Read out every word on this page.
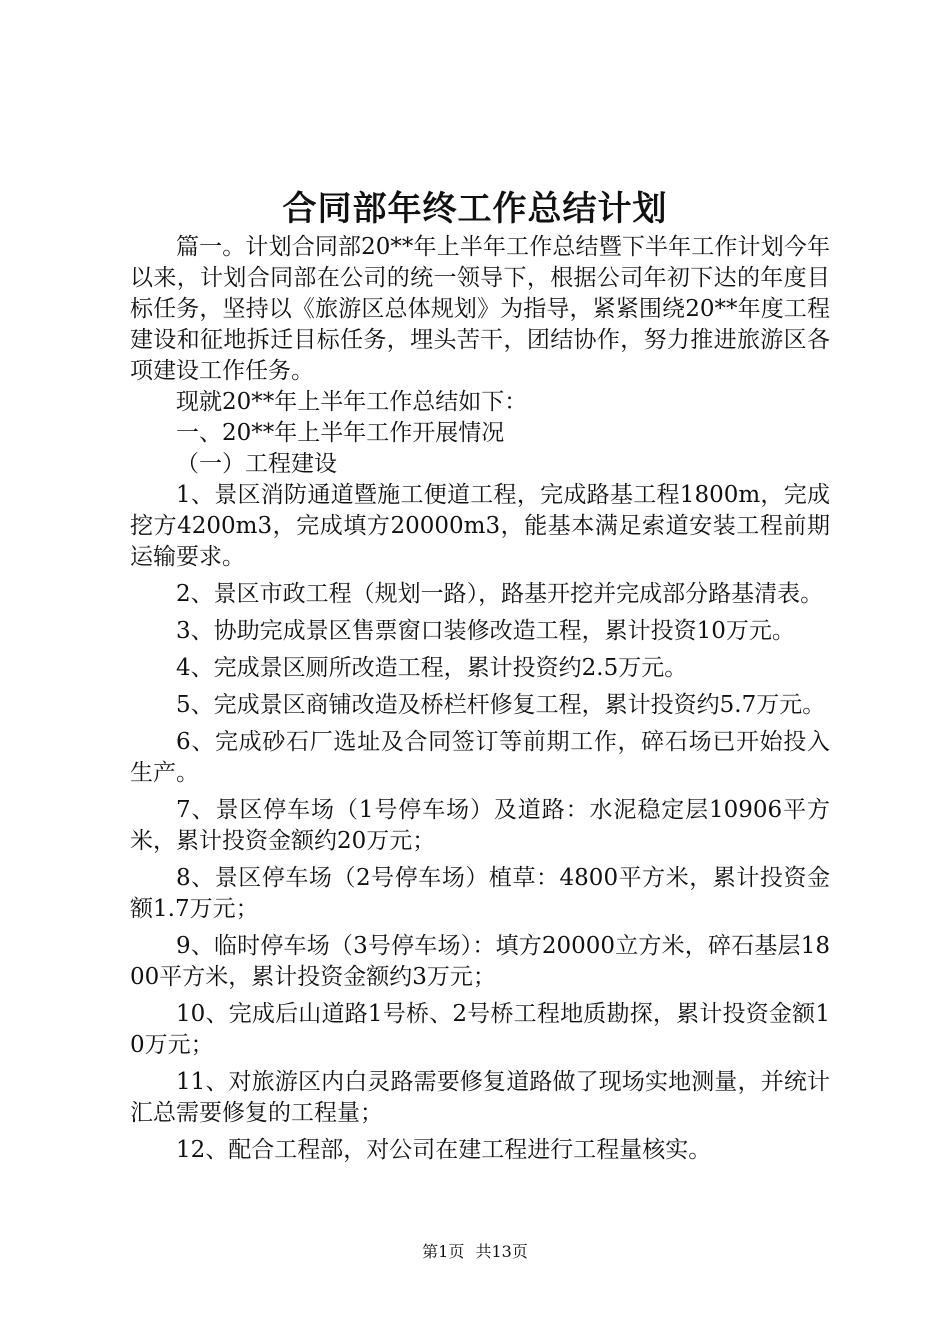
合同部年终工作总结计划

篇一。计划合同部20**年上半年工作总结暨下半年工作计划今年以来，计划合同部在公司的统一领导下，根据公司年初下达的年度目标任务，坚持以《旅游区总体规划》为指导，紧紧围绕20**年度工程建设和征地拆迁目标任务，埋头苦干，团结协作，努力推进旅游区各项建设工作任务。

现就20**年上半年工作总结如下：

一、20**年上半年工作开展情况

（一）工程建设

1、景区消防通道暨施工便道工程，完成路基工程1800m，完成挖方4200m3，完成填方20000m3，能基本满足索道安装工程前期运输要求。

2、景区市政工程（规划一路），路基开挖并完成部分路基清表。

3、协助完成景区售票窗口装修改造工程，累计投资10万元。

4、完成景区厕所改造工程，累计投资约2.5万元。

5、完成景区商铺改造及桥栏杆修复工程，累计投资约5.7万元。

6、完成砂石厂选址及合同签订等前期工作，碎石场已开始投入生产。

7、景区停车场（1号停车场）及道路：水泥稳定层10906平方米，累计投资金额约20万元；

8、景区停车场（2号停车场）植草：4800平方米，累计投资金额1.7万元；

9、临时停车场（3号停车场）：填方20000立方米，碎石基层1800平方米，累计投资金额约3万元；

10、完成后山道路1号桥、2号桥工程地质勘探，累计投资金额10万元；

11、对旅游区内白灵路需要修复道路做了现场实地测量，并统计汇总需要修复的工程量；

12、配合工程部，对公司在建工程进行工程量核实。

第1页 共13页
